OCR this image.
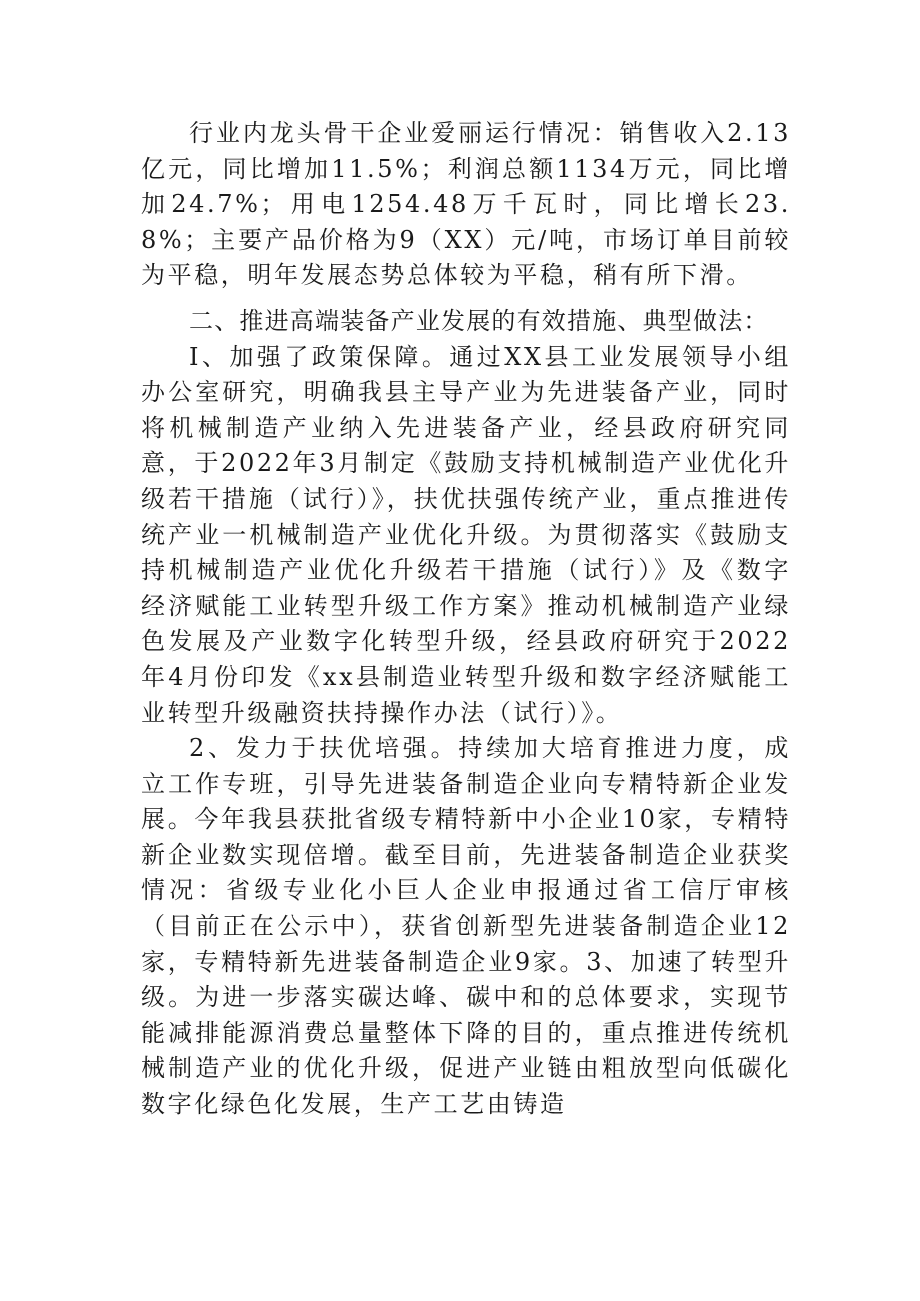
行业内龙头骨干企业爱丽运行情况：销售收入2.13亿元，同比增加11.5%；利润总额1134万元，同比增加24.7%；用电1254.48万千瓦时，同比增长23.8%；主要产品价格为9（XX）元/吨，市场订单目前较为平稳，明年发展态势总体较为平稳，稍有所下滑。

二、推进高端装备产业发展的有效措施、典型做法：

I、加强了政策保障。通过XX县工业发展领导小组办公室研究，明确我县主导产业为先进装备产业，同时将机械制造产业纳入先进装备产业，经县政府研究同意，于2022年3月制定《鼓励支持机械制造产业优化升级若干措施（试行）》，扶优扶强传统产业，重点推进传统产业一机械制造产业优化升级。为贯彻落实《鼓励支持机械制造产业优化升级若干措施（试行）》及《数字经济赋能工业转型升级工作方案》推动机械制造产业绿色发展及产业数字化转型升级，经县政府研究于2022年4月份印发《xx县制造业转型升级和数字经济赋能工业转型升级融资扶持操作办法（试行）》。

2、发力于扶优培强。持续加大培育推进力度，成立工作专班，引导先进装备制造企业向专精特新企业发展。今年我县获批省级专精特新中小企业10家，专精特新企业数实现倍增。截至目前，先进装备制造企业获奖情况：省级专业化小巨人企业申报通过省工信厅审核（目前正在公示中），获省创新型先进装备制造企业12家，专精特新先进装备制造企业9家。3、加速了转型升级。为进一步落实碳达峰、碳中和的总体要求，实现节能减排能源消费总量整体下降的目的，重点推进传统机械制造产业的优化升级，促进产业链由粗放型向低碳化数字化绿色化发展，生产工艺由铸造
